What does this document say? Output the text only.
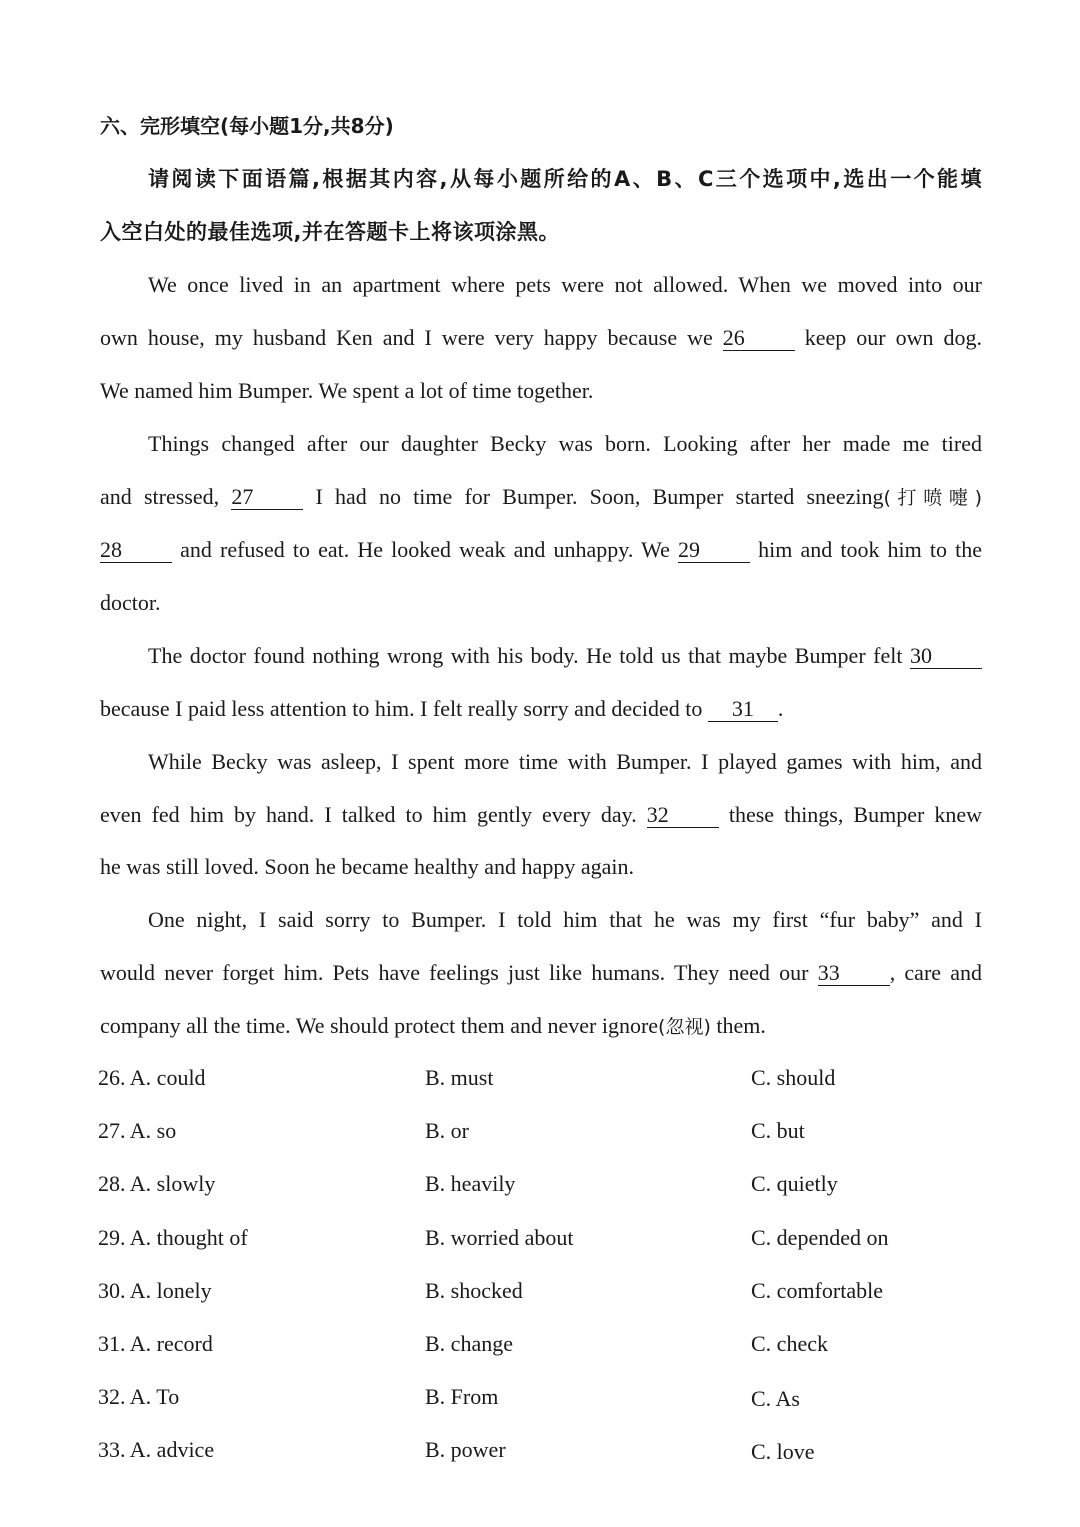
六、完形填空(每小题1分,共8分)
请阅读下面语篇,根据其内容,从每小题所给的A、B、C三个选项中,选出一个能填
入空白处的最佳选项,并在答题卡上将该项涂黑。
We once lived in an apartment where pets were not allowed. When we moved into our
own house, my husband Ken and I were very happy because we 26	keep our own dog.
We named him Bumper. We spent a lot of time together.
Things changed after our daughter Becky was born. Looking after her made me tired
and stressed, 27	I had no time for Bumper. Soon, Bumper started sneezing(打喷嚏)
28	and refused to eat. He looked weak and unhappy. We 29	him and took him to the
doctor.
The doctor found nothing wrong with his body. He told us that maybe Bumper felt 30
because I paid less attention to him. I felt really sorry and decided to 31 .
While Becky was asleep, I spent more time with Bumper. I played games with him, and
even fed him by hand. I talked to him gently every day. 32	these things, Bumper knew
he was still loved. Soon he became healthy and happy again.
One night, I said sorry to Bumper. I told him that he was my first “fur baby” and I
would never forget him. Pets have feelings just like humans. They need our 33 , care and
company all the time. We should protect them and never ignore(忽视) them.
26. A. could	B. must	C. should
27. A. so	B. or	C. but
28. A. slowly	B. heavily	C. quietly
29. A. thought of	B. worried about	C. depended on
30. A. lonely	B. shocked	C. comfortable
31. A. record	B. change	C. check
32. A. To	B. From	C. As
33. A. advice	B. power	C. love
